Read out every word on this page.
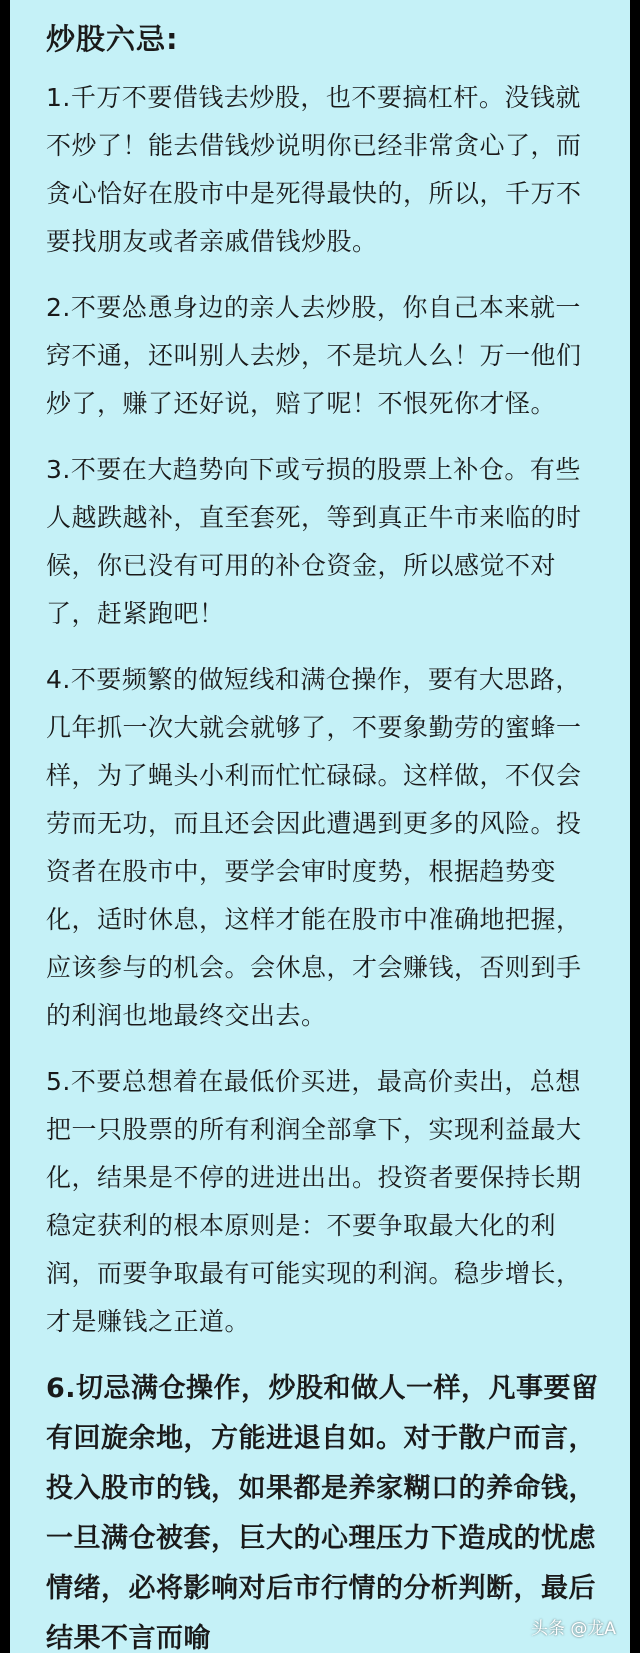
炒股六忌:

1.千万不要借钱去炒股，也不要搞杠杆。没钱就不炒了！能去借钱炒说明你已经非常贪心了，而贪心恰好在股市中是死得最快的，所以，千万不要找朋友或者亲戚借钱炒股。

2.不要怂恿身边的亲人去炒股，你自己本来就一窍不通，还叫别人去炒，不是坑人么！万一他们炒了，赚了还好说，赔了呢！不恨死你才怪。

3.不要在大趋势向下或亏损的股票上补仓。有些人越跌越补，直至套死，等到真正牛市来临的时候，你已没有可用的补仓资金，所以感觉不对了，赶紧跑吧！

4.不要频繁的做短线和满仓操作，要有大思路，几年抓一次大就会就够了，不要象勤劳的蜜蜂一样，为了蝇头小利而忙忙碌碌。这样做，不仅会劳而无功，而且还会因此遭遇到更多的风险。投资者在股市中，要学会审时度势，根据趋势变化，适时休息，这样才能在股市中准确地把握，应该参与的机会。会休息，才会赚钱，否则到手的利润也地最终交出去。

5.不要总想着在最低价买进，最高价卖出，总想把一只股票的所有利润全部拿下，实现利益最大化，结果是不停的进进出出。投资者要保持长期稳定获利的根本原则是：不要争取最大化的利润，而要争取最有可能实现的利润。稳步增长，才是赚钱之正道。

6.切忌满仓操作，炒股和做人一样，凡事要留有回旋余地，方能进退自如。对于散户而言，投入股市的钱，如果都是养家糊口的养命钱，一旦满仓被套，巨大的心理压力下造成的忧虑情绪，必将影响对后市行情的分析判断，最后结果不言而喻	头条 @龙A
